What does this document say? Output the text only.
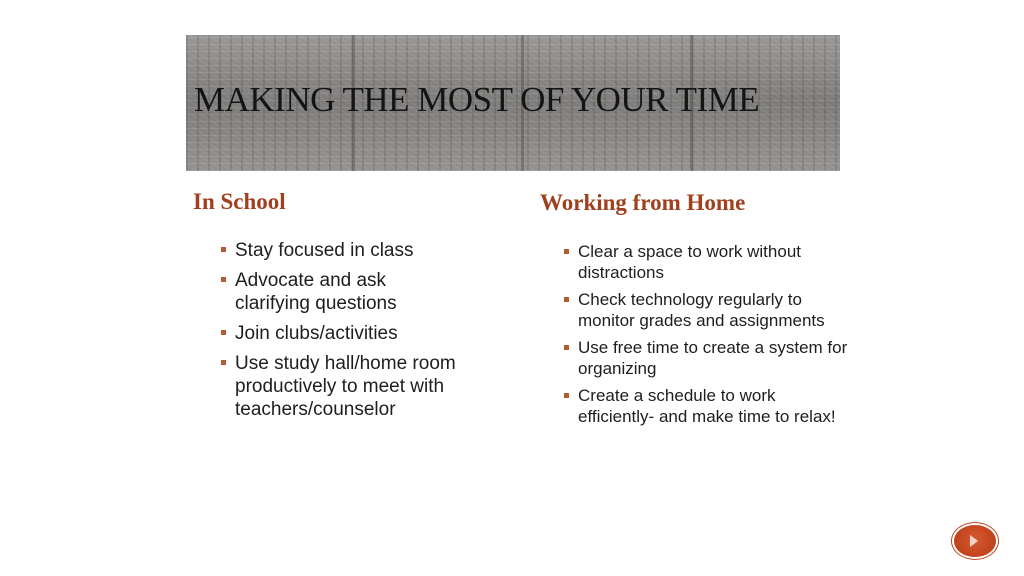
MAKING THE MOST OF YOUR TIME
In School	Working from Home
Stay focused in class
Advocate and ask clarifying questions
Join clubs/activities
Use study hall/home room productively to meet with teachers/counselor
Clear a space to work without distractions
Check technology regularly to monitor grades and assignments
Use free time to create a system for organizing
Create a schedule to work efficiently- and make time to relax!
